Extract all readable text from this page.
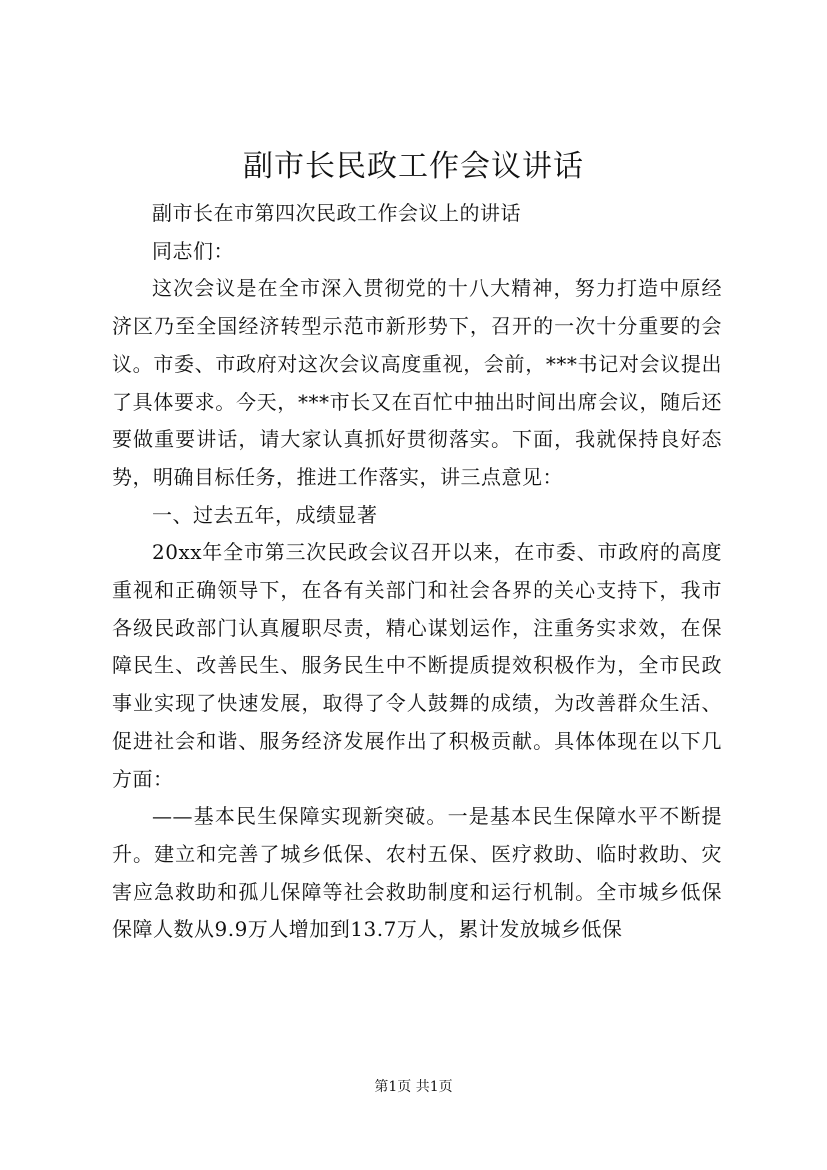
副市长民政工作会议讲话

副市长在市第四次民政工作会议上的讲话

同志们：

这次会议是在全市深入贯彻党的十八大精神，努力打造中原经济区乃至全国经济转型示范市新形势下，召开的一次十分重要的会议。市委、市政府对这次会议高度重视，会前，***书记对会议提出了具体要求。今天，***市长又在百忙中抽出时间出席会议，随后还要做重要讲话，请大家认真抓好贯彻落实。下面，我就保持良好态势，明确目标任务，推进工作落实，讲三点意见：

一、过去五年，成绩显著

20xx年全市第三次民政会议召开以来，在市委、市政府的高度重视和正确领导下，在各有关部门和社会各界的关心支持下，我市各级民政部门认真履职尽责，精心谋划运作，注重务实求效，在保障民生、改善民生、服务民生中不断提质提效积极作为，全市民政事业实现了快速发展，取得了令人鼓舞的成绩，为改善群众生活、促进社会和谐、服务经济发展作出了积极贡献。具体体现在以下几方面：

——基本民生保障实现新突破。一是基本民生保障水平不断提升。建立和完善了城乡低保、农村五保、医疗救助、临时救助、灾害应急救助和孤儿保障等社会救助制度和运行机制。全市城乡低保保障人数从9.9万人增加到13.7万人，累计发放城乡低保

第1页 共1页
